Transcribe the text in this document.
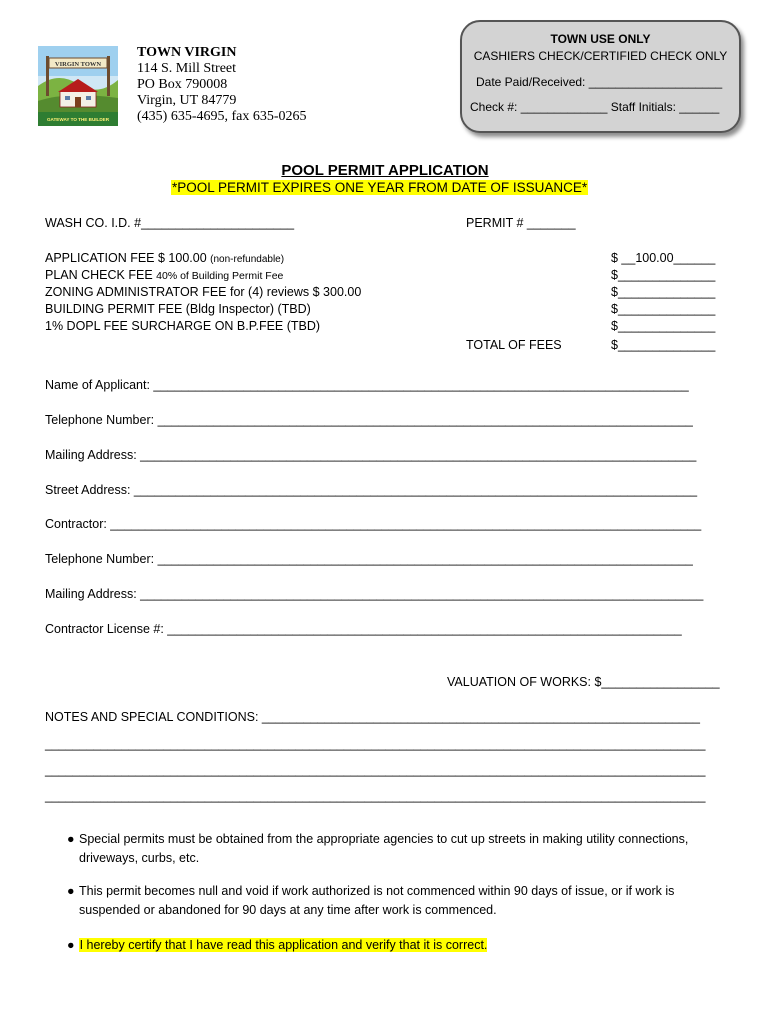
VIRGIN TOWN
GATEWAY TO THE BUILDER
TOWN VIRGIN
114 S. Mill Street
PO Box 790008
Virgin, UT 84779
(435) 635-4695, fax 635-0265
TOWN USE ONLY
CASHIERS CHECK/CERTIFIED CHECK ONLY
Date Paid/Received: ____________________
Check #: _____________ Staff Initials: ______
POOL PERMIT APPLICATION
*POOL PERMIT EXPIRES ONE YEAR FROM DATE OF ISSUANCE*
WASH CO. I.D. #______________________	PERMIT # _______
APPLICATION FEE $ 100.00 (non-refundable)
PLAN CHECK FEE 40% of Building Permit Fee
ZONING ADMINISTRATOR FEE for (4) reviews $ 300.00
BUILDING PERMIT FEE (Bldg Inspector) (TBD)
1% DOPL FEE SURCHARGE ON B.P.FEE (TBD)
$ __100.00______
$______________
$______________
$______________
$______________
TOTAL OF FEES	$______________
Name of Applicant: _____________________________________________________________________________
Telephone Number: _____________________________________________________________________________
Mailing Address: ________________________________________________________________________________
Street Address: _________________________________________________________________________________
Contractor: _____________________________________________________________________________________
Telephone Number: _____________________________________________________________________________
Mailing Address: _________________________________________________________________________________
Contractor License #: __________________________________________________________________________
VALUATION OF WORKS: $_________________
NOTES AND SPECIAL CONDITIONS: _______________________________________________________________
_______________________________________________________________________________________________
_______________________________________________________________________________________________
_______________________________________________________________________________________________
● Special permits must be obtained from the appropriate agencies to cut up streets in making utility connections, driveways, curbs, etc.
● This permit becomes null and void if work authorized is not commenced within 90 days of issue, or if work is suspended or abandoned for 90 days at any time after work is commenced.
● I hereby certify that I have read this application and verify that it is correct.
